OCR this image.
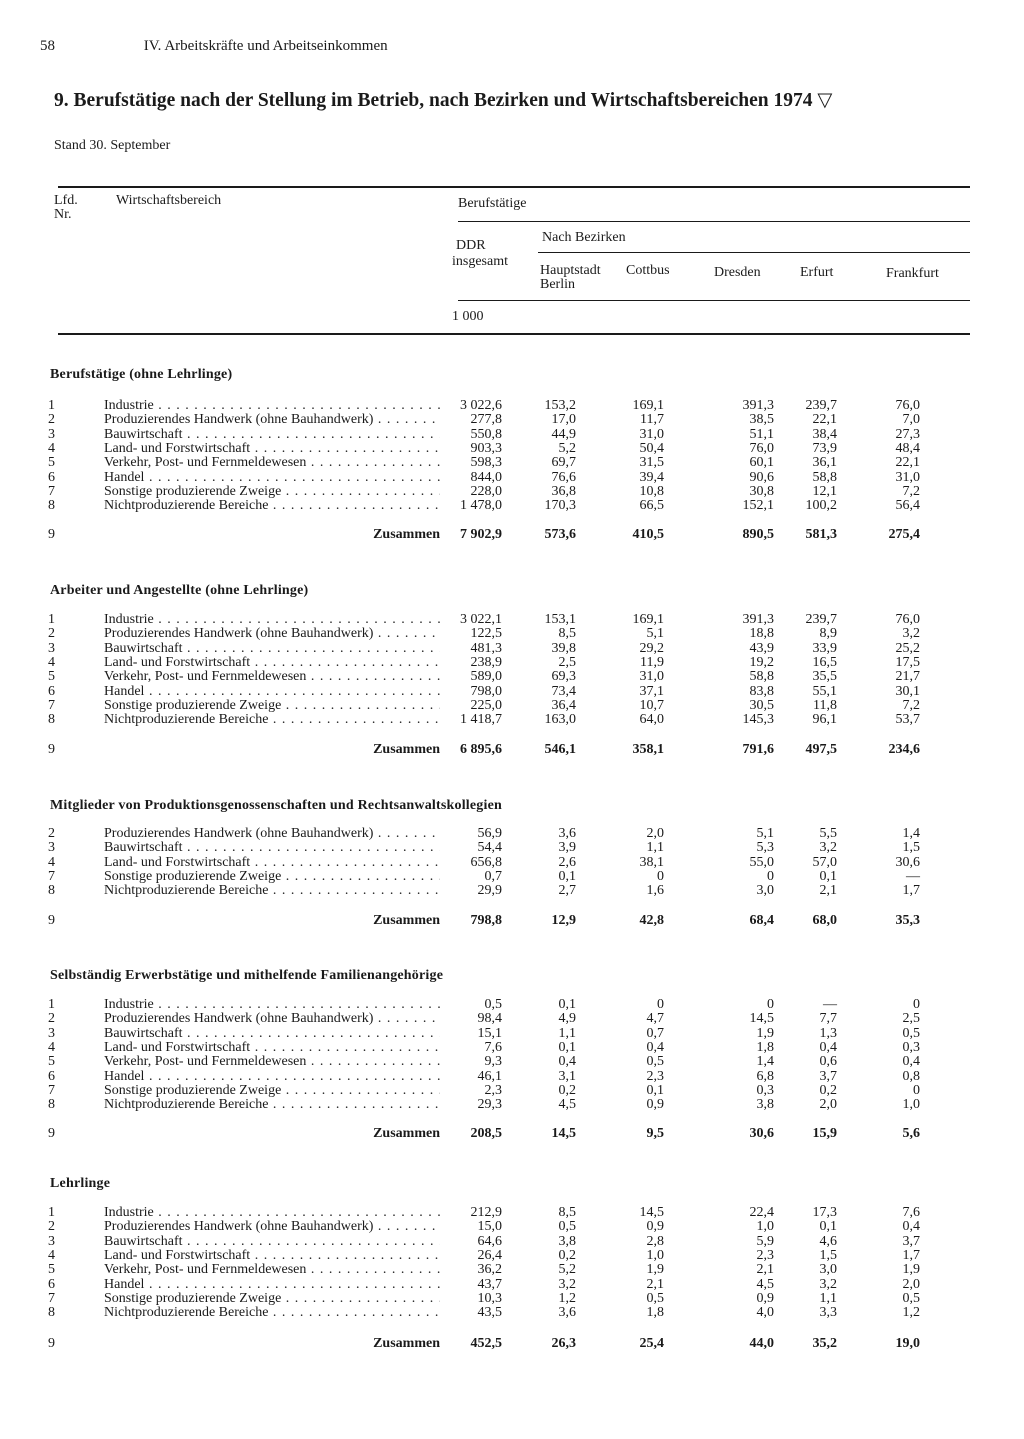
58	IV. Arbeitskräfte und Arbeitseinkommen
9. Berufstätige nach der Stellung im Betrieb, nach Bezirken und Wirtschaftsbereichen 1974 ▽
Stand 30. September
Lfd.
Nr.
Wirtschaftsbereich	Berufstätige
DDR
insgesamt
Nach Bezirken
Hauptstadt
Berlin
Cottbus	Dresden	Erfurt	Frankfurt
1 000
Berufstätige (ohne Lehrlinge)
1	Industrie . . .	3 022,6	153,2	169,1	391,3	239,7	76,0
2	Produzierendes Handwerk (ohne Bauhandwerk) . . .	277,8	17,0	11,7	38,5	22,1	7,0
3	Bauwirtschaft . . .	550,8	44,9	31,0	51,1	38,4	27,3
4	Land- und Forstwirtschaft . . .	903,3	5,2	50,4	76,0	73,9	48,4
5	Verkehr, Post- und Fernmeldewesen . . .	598,3	69,7	31,5	60,1	36,1	22,1
6	Handel . . .	844,0	76,6	39,4	90,6	58,8	31,0
7	Sonstige produzierende Zweige . . .	228,0	36,8	10,8	30,8	12,1	7,2
8	Nichtproduzierende Bereiche . . .	1 478,0	170,3	66,5	152,1	100,2	56,4
9	Zusammen	7 902,9	573,6	410,5	890,5	581,3	275,4
Arbeiter und Angestellte (ohne Lehrlinge)
1	Industrie . . .	3 022,1	153,1	169,1	391,3	239,7	76,0
2	Produzierendes Handwerk (ohne Bauhandwerk) . . .	122,5	8,5	5,1	18,8	8,9	3,2
3	Bauwirtschaft . . .	481,3	39,8	29,2	43,9	33,9	25,2
4	Land- und Forstwirtschaft . . .	238,9	2,5	11,9	19,2	16,5	17,5
5	Verkehr, Post- und Fernmeldewesen . . .	589,0	69,3	31,0	58,8	35,5	21,7
6	Handel . . .	798,0	73,4	37,1	83,8	55,1	30,1
7	Sonstige produzierende Zweige . . .	225,0	36,4	10,7	30,5	11,8	7,2
8	Nichtproduzierende Bereiche . . .	1 418,7	163,0	64,0	145,3	96,1	53,7
9	Zusammen	6 895,6	546,1	358,1	791,6	497,5	234,6
Mitglieder von Produktionsgenossenschaften und Rechtsanwaltskollegien
2	Produzierendes Handwerk (ohne Bauhandwerk) . . .	56,9	3,6	2,0	5,1	5,5	1,4
3	Bauwirtschaft . . .	54,4	3,9	1,1	5,3	3,2	1,5
4	Land- und Forstwirtschaft . . .	656,8	2,6	38,1	55,0	57,0	30,6
7	Sonstige produzierende Zweige . . .	0,7	0,1	0	0	0,1	—
8	Nichtproduzierende Bereiche . . .	29,9	2,7	1,6	3,0	2,1	1,7
9	Zusammen	798,8	12,9	42,8	68,4	68,0	35,3
Selbständig Erwerbstätige und mithelfende Familienangehörige
1	Industrie . . .	0,5	0,1	0	0	—	0
2	Produzierendes Handwerk (ohne Bauhandwerk) . . .	98,4	4,9	4,7	14,5	7,7	2,5
3	Bauwirtschaft . . .	15,1	1,1	0,7	1,9	1,3	0,5
4	Land- und Forstwirtschaft . . .	7,6	0,1	0,4	1,8	0,4	0,3
5	Verkehr, Post- und Fernmeldewesen . . .	9,3	0,4	0,5	1,4	0,6	0,4
6	Handel . . .	46,1	3,1	2,3	6,8	3,7	0,8
7	Sonstige produzierende Zweige . . .	2,3	0,2	0,1	0,3	0,2	0
8	Nichtproduzierende Bereiche . . .	29,3	4,5	0,9	3,8	2,0	1,0
9	Zusammen	208,5	14,5	9,5	30,6	15,9	5,6
Lehrlinge
1	Industrie . . .	212,9	8,5	14,5	22,4	17,3	7,6
2	Produzierendes Handwerk (ohne Bauhandwerk) . . .	15,0	0,5	0,9	1,0	0,1	0,4
3	Bauwirtschaft . . .	64,6	3,8	2,8	5,9	4,6	3,7
4	Land- und Forstwirtschaft . . .	26,4	0,2	1,0	2,3	1,5	1,7
5	Verkehr, Post- und Fernmeldewesen . . .	36,2	5,2	1,9	2,1	3,0	1,9
6	Handel . . .	43,7	3,2	2,1	4,5	3,2	2,0
7	Sonstige produzierende Zweige . . .	10,3	1,2	0,5	0,9	1,1	0,5
8	Nichtproduzierende Bereiche . . .	43,5	3,6	1,8	4,0	3,3	1,2
9	Zusammen	452,5	26,3	25,4	44,0	35,2	19,0
